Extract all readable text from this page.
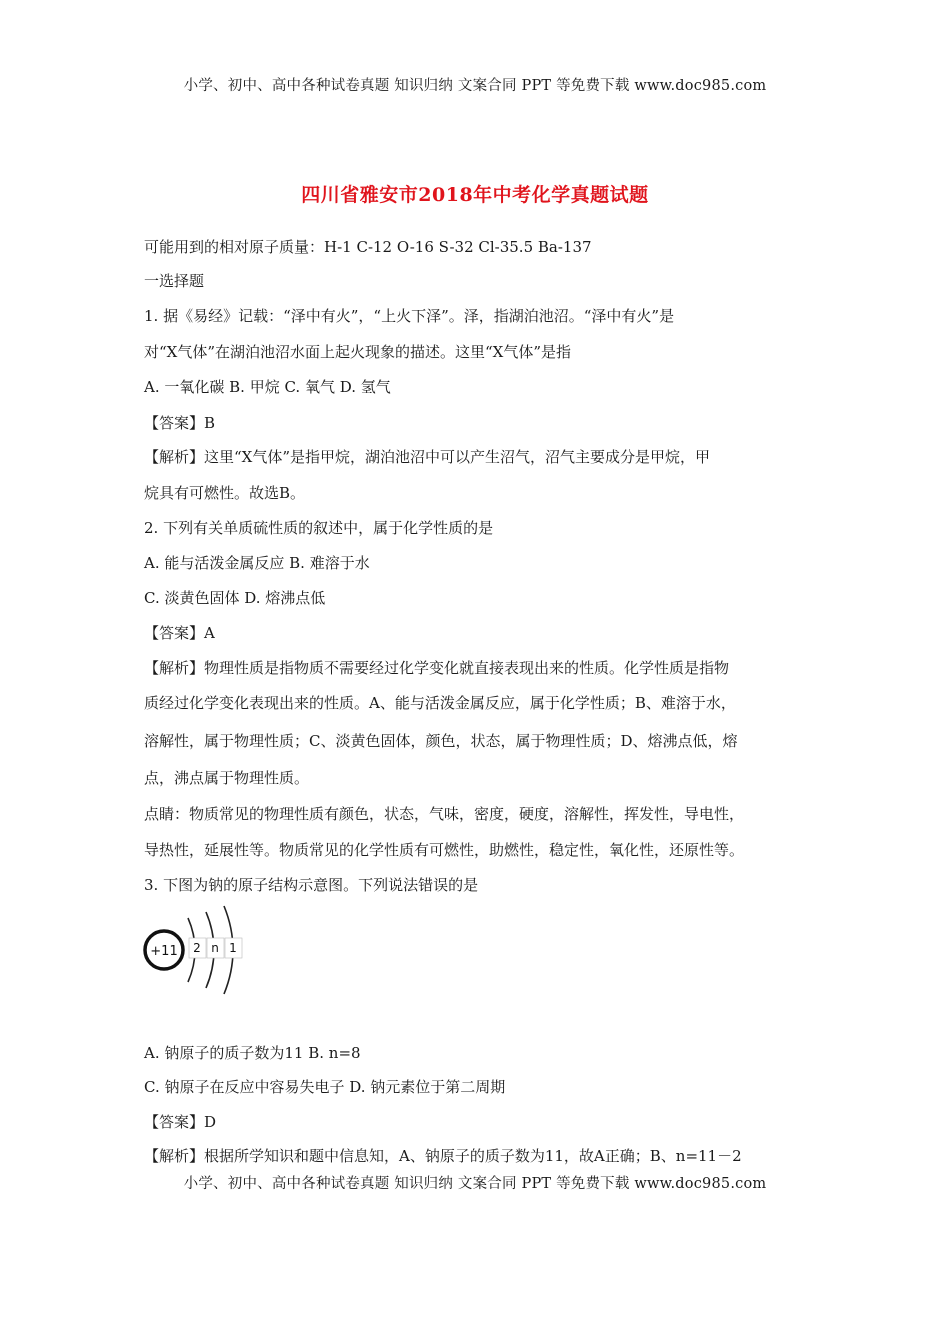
小学、初中、高中各种试卷真题 知识归纳 文案合同 PPT 等免费下载 www.doc985.com
四川省雅安市2018年中考化学真题试题
可能用到的相对原子质量：H-1 C-12 O-16 S-32 Cl-35.5 Ba-137
一选择题
1. 据《易经》记载：“泽中有火”，“上火下泽”。泽，指湖泊池沼。“泽中有火”是
对“X气体”在湖泊池沼水面上起火现象的描述。这里“X气体”是指
A. 一氧化碳 B. 甲烷 C. 氧气 D. 氢气
【答案】B
【解析】这里“X气体”是指甲烷，湖泊池沼中可以产生沼气，沼气主要成分是甲烷，甲
烷具有可燃性。故选B。
2. 下列有关单质硫性质的叙述中，属于化学性质的是
A. 能与活泼金属反应 B. 难溶于水
C. 淡黄色固体 D. 熔沸点低
【答案】A
【解析】物理性质是指物质不需要经过化学变化就直接表现出来的性质。化学性质是指物
质经过化学变化表现出来的性质。A、能与活泼金属反应，属于化学性质；B、难溶于水，
溶解性，属于物理性质；C、淡黄色固体，颜色，状态，属于物理性质；D、熔沸点低，熔
点，沸点属于物理性质。
点睛：物质常见的物理性质有颜色，状态，气味，密度，硬度，溶解性，挥发性，导电性，
导热性，延展性等。物质常见的化学性质有可燃性，助燃性，稳定性，氧化性，还原性等。
3. 下图为钠的原子结构示意图。下列说法错误的是
+11 2 n 1
A. 钠原子的质子数为11 B. n=8
C. 钠原子在反应中容易失电子 D. 钠元素位于第二周期
【答案】D
【解析】根据所学知识和题中信息知，A、钠原子的质子数为11，故A正确；B、n=11－2
小学、初中、高中各种试卷真题 知识归纳 文案合同 PPT 等免费下载 www.doc985.com
